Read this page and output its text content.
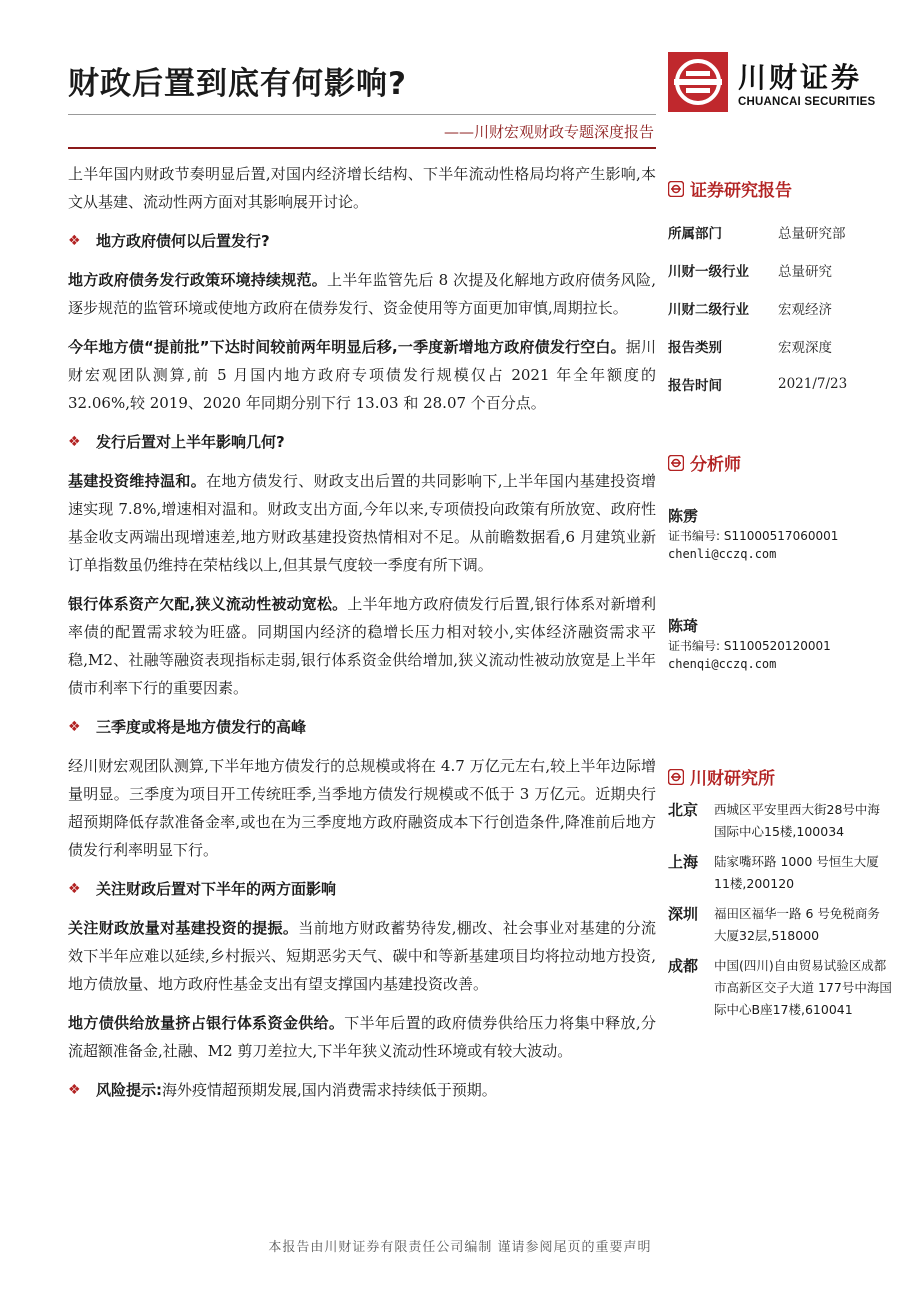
财政后置到底有何影响?	川财证券
CHUANCAI SECURITIES

——川财宏观财政专题深度报告

上半年国内财政节奏明显后置,对国内经济增长结构、下半年流动性格局均将产生影响,本文从基建、流动性两方面对其影响展开讨论。

❖	地方政府债何以后置发行?

地方政府债务发行政策环境持续规范。上半年监管先后 8 次提及化解地方政府债务风险,逐步规范的监管环境或使地方政府在债券发行、资金使用等方面更加审慎,周期拉长。

今年地方债“提前批”下达时间较前两年明显后移,一季度新增地方政府债发行空白。据川财宏观团队测算,前 5 月国内地方政府专项债发行规模仅占 2021 年全年额度的 32.06%,较 2019、2020 年同期分别下行 13.03 和 28.07 个百分点。

❖	发行后置对上半年影响几何?

基建投资维持温和。在地方债发行、财政支出后置的共同影响下,上半年国内基建投资增速实现 7.8%,增速相对温和。财政支出方面,今年以来,专项债投向政策有所放宽、政府性基金收支两端出现增速差,地方财政基建投资热情相对不足。从前瞻数据看,6 月建筑业新订单指数虽仍维持在荣枯线以上,但其景气度较一季度有所下调。

银行体系资产欠配,狭义流动性被动宽松。上半年地方政府债发行后置,银行体系对新增利率债的配置需求较为旺盛。同期国内经济的稳增长压力相对较小,实体经济融资需求平稳,M2、社融等融资表现指标走弱,银行体系资金供给增加,狭义流动性被动放宽是上半年债市利率下行的重要因素。

❖	三季度或将是地方债发行的高峰

经川财宏观团队测算,下半年地方债发行的总规模或将在 4.7 万亿元左右,较上半年边际增量明显。三季度为项目开工传统旺季,当季地方债发行规模或不低于 3 万亿元。近期央行超预期降低存款准备金率,或也在为三季度地方政府融资成本下行创造条件,降准前后地方债发行利率明显下行。

❖	关注财政后置对下半年的两方面影响

关注财政放量对基建投资的提振。当前地方财政蓄势待发,棚改、社会事业对基建的分流效下半年应难以延续,乡村振兴、短期恶劣天气、碳中和等新基建项目均将拉动地方投资,地方债放量、地方政府性基金支出有望支撑国内基建投资改善。

地方债供给放量挤占银行体系资金供给。下半年后置的政府债券供给压力将集中释放,分流超额准备金,社融、M2 剪刀差拉大,下半年狭义流动性环境或有较大波动。

❖	风险提示: 海外疫情超预期发展,国内消费需求持续低于预期。
证券研究报告
所属部门	总量研究部
川财一级行业	总量研究
川财二级行业	宏观经济
报告类别	宏观深度
报告时间	2021/7/23
分析师
陈雳
证书编号: S1100051706​0001
chenli@cczq.com
陈琦
证书编号: S1100520120001
chenqi@cczq.com
川财研究所
北京	西城区平安里西大街28号中海国际中心15楼,100034
上海	陆家嘴环路 1000 号恒生大厦11楼,200120
深圳	福田区福华一路 6 号免税商务大厦32层,518000
成都	中国(四川)自由贸易试验区成都市高新区交子大道 177号中海国际中心B座17楼,610041
本报告由川财证券有限责任公司编制 谨请参阅尾页的重要声明
